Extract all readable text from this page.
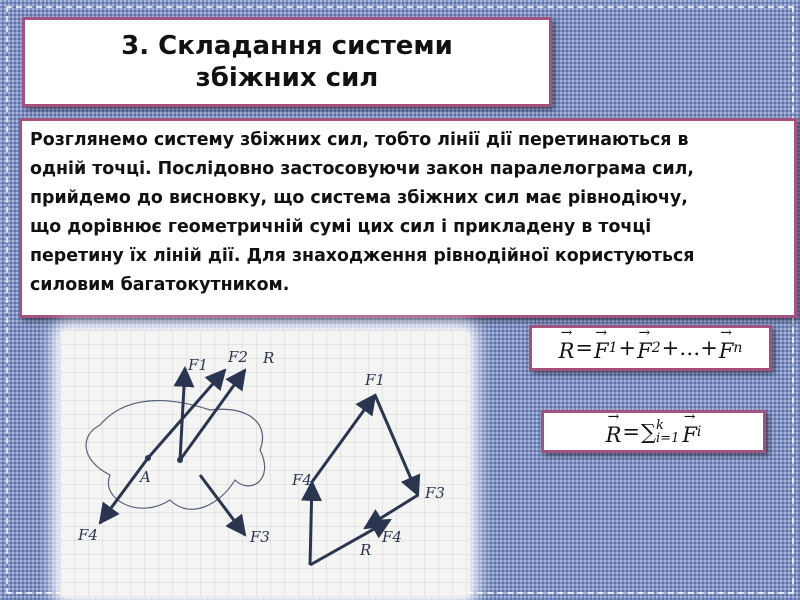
3. Складання системи
збіжних сил

Розглянемо систему збіжних сил, тобто лінії дії перетинаються в

одній точці. Послідовно застосовуючи закон паралелограма сил,

прийдемо до висновку, що система збіжних сил має рівнодіючу,

що дорівнює геометричній сумі цих сил і прикладену в точці

перетину їх ліній дії. Для знаходження рівнодійної користуються

силовим багатокутником.

A
F1 F2 R
F3
F4
F4
F1
F3
R
F4
→ R = → F 1 + → F 2 +…+ → F n
→ R = ∑ k
i=1 → F i
